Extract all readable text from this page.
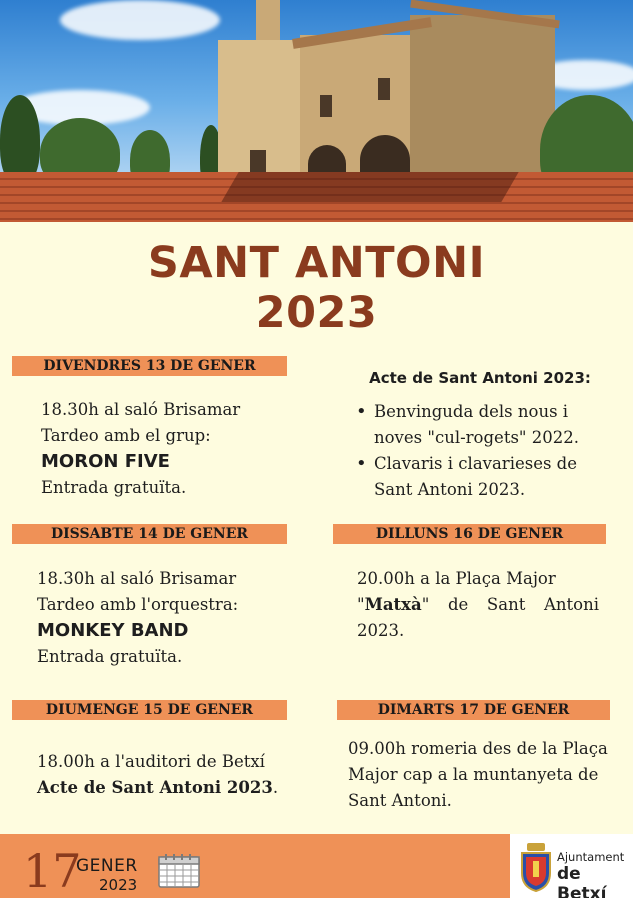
SANT ANTONI
2023
DIVENDRES 13 DE GENER
18.30h al saló Brisamar
Tardeo amb el grup:
MORON FIVE
Entrada gratuïta.
Acte de Sant Antoni 2023:
• Benvinguda dels nous i
noves "cul-rogets" 2022.
• Clavaris i clavarieses de
Sant Antoni 2023.
DISSABTE 14 DE GENER
18.30h al saló Brisamar
Tardeo amb l'orquestra:
MONKEY BAND
Entrada gratuïta.
DILLUNS 16 DE GENER
20.00h a la Plaça Major
"Matxà" de Sant Antoni
2023.
DIUMENGE 15 DE GENER
18.00h a l'auditori de Betxí
Acte de Sant Antoni 2023.
DIMARTS 17 DE GENER
09.00h romeria des de la Plaça
Major cap a la muntanyeta de
Sant Antoni.
17
GENER
2023
Ajuntament
de Betxí
